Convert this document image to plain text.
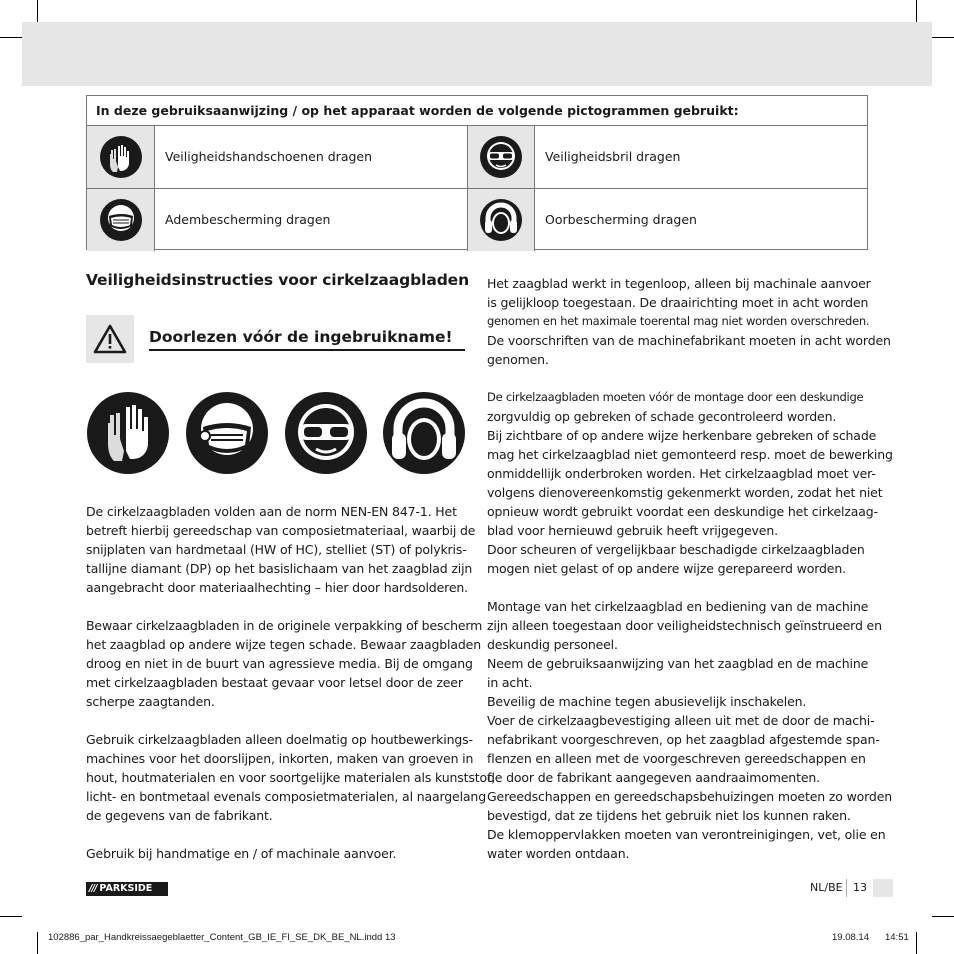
In deze gebruiksaanwijzing / op het apparaat worden de volgende pictogrammen gebruikt:
Veiligheidshandschoenen dragen	Veiligheidsbril dragen
Adembescherming dragen	Oorbescherming dragen
Veiligheidsinstructies voor cirkelzaagbladen
Doorlezen vóór de ingebruikname!

De cirkelzaagbladen volden aan de norm NEN-EN 847-1. Het
betreft hierbij gereedschap van composietmateriaal, waarbij de
snijplaten van hardmetaal (HW of HC), stelliet (ST) of polykris-
tallijne diamant (DP) op het basislichaam van het zaagblad zijn
aangebracht door materiaalhechting – hier door hardsolderen.

Bewaar cirkelzaagbladen in de originele verpakking of bescherm
het zaagblad op andere wijze tegen schade. Bewaar zaagbladen
droog en niet in de buurt van agressieve media. Bij de omgang
met cirkelzaagbladen bestaat gevaar voor letsel door de zeer
scherpe zaagtanden.

Gebruik cirkelzaagbladen alleen doelmatig op houtbewerkings-
machines voor het doorslijpen, inkorten, maken van groeven in
hout, houtmaterialen en voor soortgelijke materialen als kunststof,
licht- en bontmetaal evenals composietmaterialen, al naargelang
de gegevens van de fabrikant.

Gebruik bij handmatige en / of machinale aanvoer.

Het zaagblad werkt in tegenloop, alleen bij machinale aanvoer
is gelijkloop toegestaan. De draairichting moet in acht worden
genomen en het maximale toerental mag niet worden overschreden.
De voorschriften van de machinefabrikant moeten in acht worden
genomen.

De cirkelzaagbladen moeten vóór de montage door een deskundige
zorgvuldig op gebreken of schade gecontroleerd worden.
Bij zichtbare of op andere wijze herkenbare gebreken of schade
mag het cirkelzaagblad niet gemonteerd resp. moet de bewerking
onmiddellijk onderbroken worden. Het cirkelzaagblad moet ver-
volgens dienovereenkomstig gekenmerkt worden, zodat het niet
opnieuw wordt gebruikt voordat een deskundige het cirkelzaag-
blad voor hernieuwd gebruik heeft vrijgegeven.
Door scheuren of vergelijkbaar beschadigde cirkelzaagbladen
mogen niet gelast of op andere wijze gerepareerd worden.

Montage van het cirkelzaagblad en bediening van de machine
zijn alleen toegestaan door veiligheidstechnisch geïnstrueerd en
deskundig personeel.
Neem de gebruiksaanwijzing van het zaagblad en de machine
in acht.
Beveilig de machine tegen abusievelijk inschakelen.
Voer de cirkelzaagbevestiging alleen uit met de door de machi-
nefabrikant voorgeschreven, op het zaagblad afgestemde span-
flenzen en alleen met de voorgeschreven gereedschappen en
de door de fabrikant aangegeven aandraaimomenten.
Gereedschappen en gereedschapsbehuizingen moeten zo worden
bevestigd, dat ze tijdens het gebruik niet los kunnen raken.
De klemoppervlakken moeten van verontreinigingen, vet, olie en
water worden ontdaan.

/// PARKSIDE	NL/BE 13
102886_par_Handkreissaegeblaetter_Content_GB_IE_FI_SE_DK_BE_NL.indd 13	19.08.14 14:51
